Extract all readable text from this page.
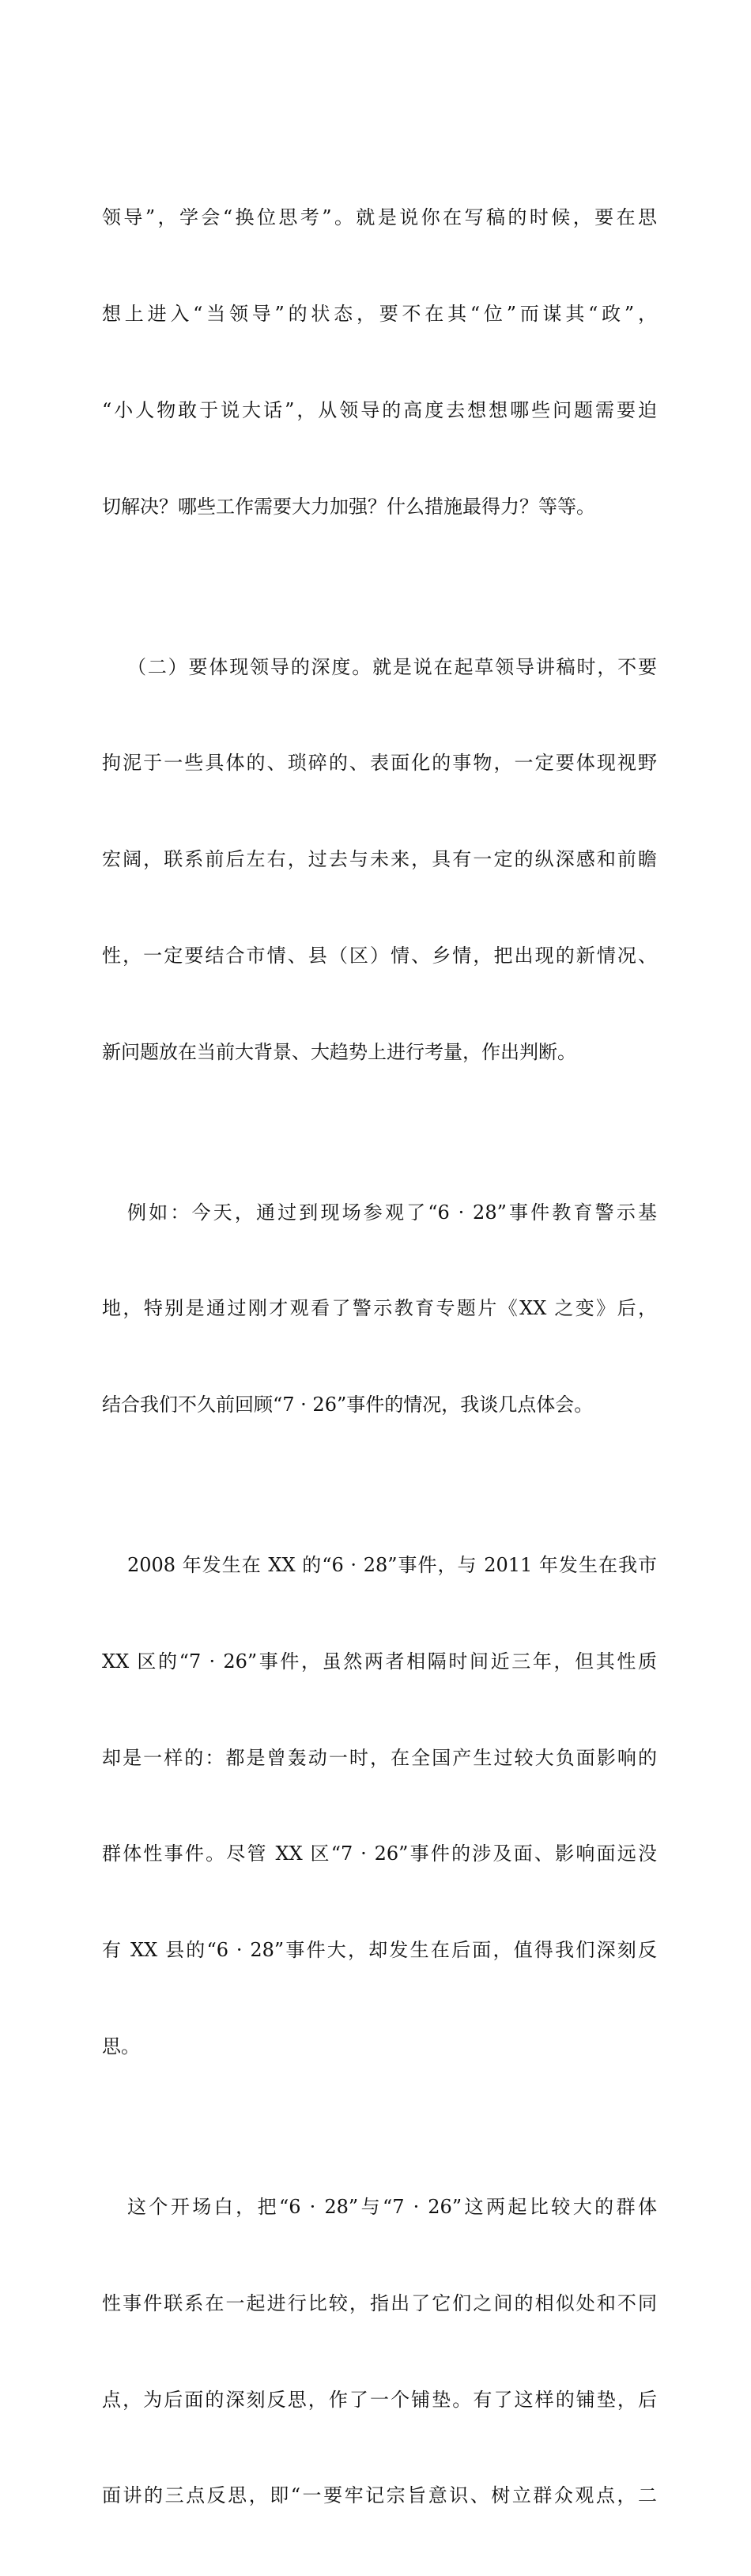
领导”，学会“换位思考”。就是说你在写稿的时候，要在思

想上进入“当领导”的状态，要不在其“位”而谋其“政”，

“小人物敢于说大话”，从领导的高度去想想哪些问题需要迫

切解决？哪些工作需要大力加强？什么措施最得力？等等。

（二）要体现领导的深度。就是说在起草领导讲稿时，不要

拘泥于一些具体的、琐碎的、表面化的事物，一定要体现视野

宏阔，联系前后左右，过去与未来，具有一定的纵深感和前瞻

性，一定要结合市情、县（区）情、乡情，把出现的新情况、

新问题放在当前大背景、大趋势上进行考量，作出判断。

例如：今天，通过到现场参观了“6 · 28”事件教育警示基

地，特别是通过刚才观看了警示教育专题片《XX 之变》后，

结合我们不久前回顾“7 · 26”事件的情况，我谈几点体会。

2008 年发生在 XX 的“6 · 28”事件，与 2011 年发生在我市

XX 区的“7 · 26”事件，虽然两者相隔时间近三年，但其性质

却是一样的：都是曾轰动一时，在全国产生过较大负面影响的

群体性事件。尽管 XX 区“7 · 26”事件的涉及面、影响面远没

有 XX 县的“6 · 28”事件大，却发生在后面，值得我们深刻反

思。

这个开场白，把“6 · 28”与“7 · 26”这两起比较大的群体

性事件联系在一起进行比较，指出了它们之间的相似处和不同

点，为后面的深刻反思，作了一个铺垫。有了这样的铺垫，后

面讲的三点反思，即“一要牢记宗旨意识、树立群众观点，二
